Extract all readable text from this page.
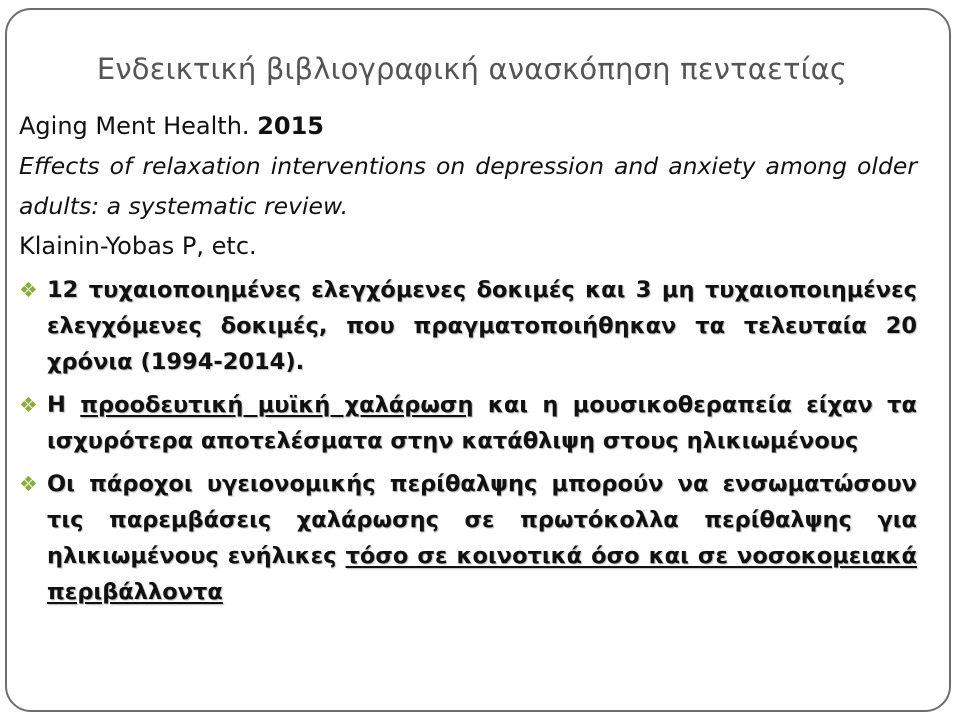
Ενδεικτική βιβλιογραφική ανασκόπηση πενταετίας
Aging Ment Health. 2015
Effects of relaxation interventions on depression and anxiety among older adults: a systematic review.
Klainin-Yobas P, etc.
❖ 12 τυχαιοποιημένες ελεγχόμενες δοκιμές και 3 μη τυχαιοποιημένες ελεγχόμενες δοκιμές, που πραγματοποιήθηκαν τα τελευταία 20 χρόνια (1994-2014).
❖ Η προοδευτική μυϊκή χαλάρωση και η μουσικοθεραπεία είχαν τα ισχυρότερα αποτελέσματα στην κατάθλιψη στους ηλικιωμένους
❖ Οι πάροχοι υγειονομικής περίθαλψης μπορούν να ενσωματώσουν τις παρεμβάσεις χαλάρωσης σε πρωτόκολλα περίθαλψης για ηλικιωμένους ενήλικες τόσο σε κοινοτικά όσο και σε νοσοκομειακά περιβάλλοντα
